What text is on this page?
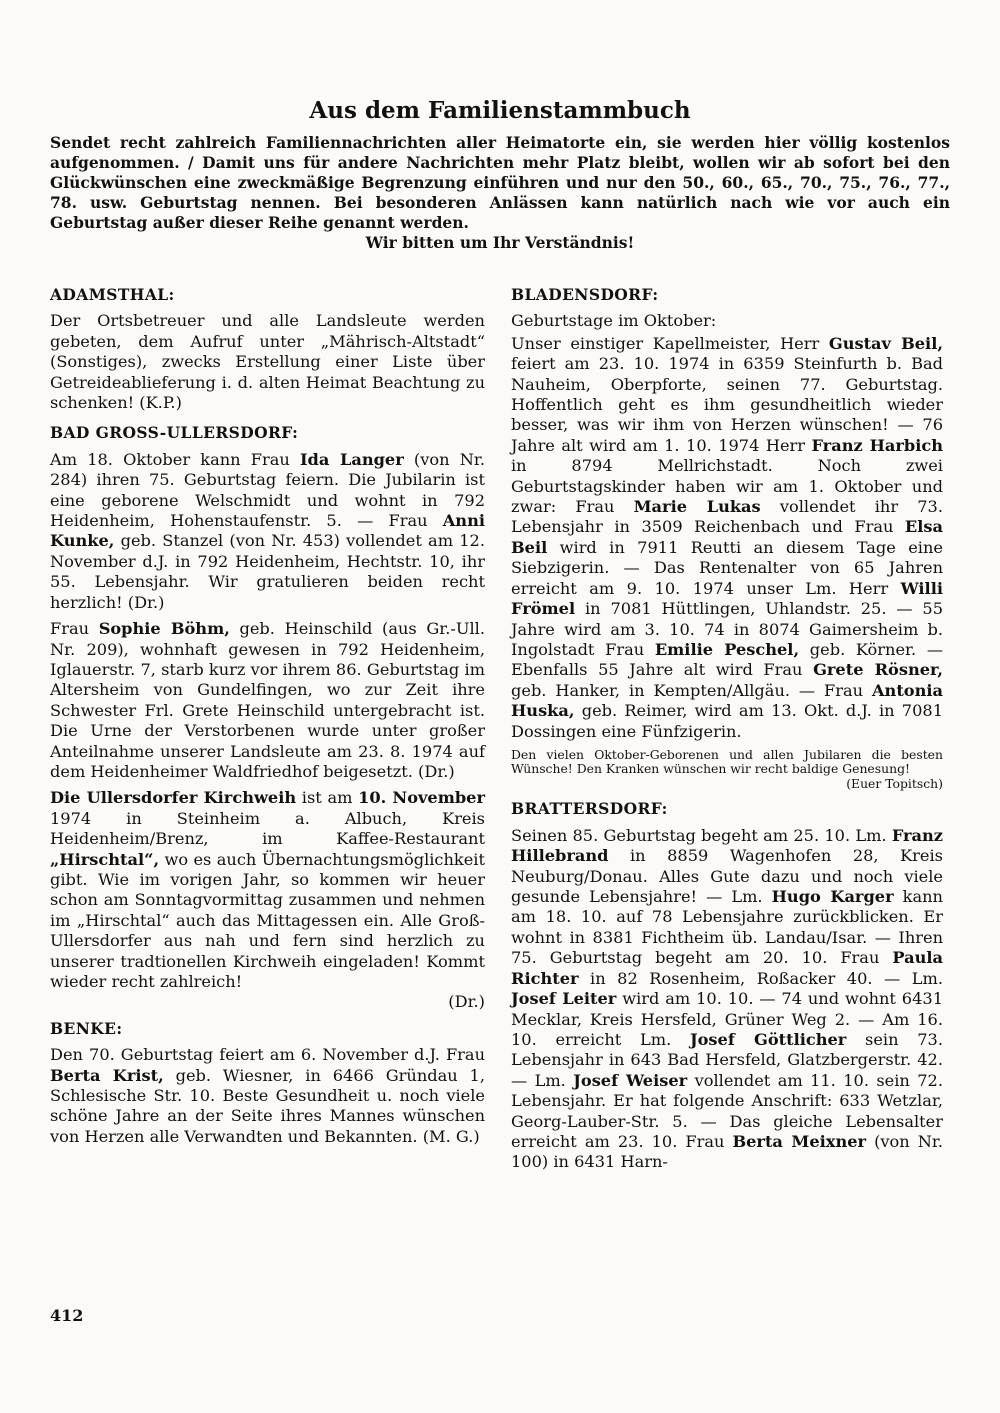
Aus dem Familienstammbuch
Sendet recht zahlreich Familiennachrichten aller Heimatorte ein, sie werden hier völlig kostenlos aufgenommen. / Damit uns für andere Nachrichten mehr Platz bleibt, wollen wir ab sofort bei den Glückwünschen eine zweckmäßige Begrenzung einführen und nur den 50., 60., 65., 70., 75., 76., 77., 78. usw. Geburtstag nennen. Bei besonderen Anlässen kann natürlich nach wie vor auch ein Geburtstag außer dieser Reihe genannt werden.
Wir bitten um Ihr Verständnis!
ADAMSTHAL:

Der Ortsbetreuer und alle Landsleute werden gebeten, dem Aufruf unter „Mährisch-Altstadt“ (Sonstiges), zwecks Erstellung einer Liste über Getreideablieferung i. d. alten Heimat Beachtung zu schenken! (K.P.)

BAD GROSS-ULLERSDORF:

Am 18. Oktober kann Frau Ida Langer (von Nr. 284) ihren 75. Geburtstag feiern. Die Jubilarin ist eine geborene Welschmidt und wohnt in 792 Heidenheim, Hohenstaufenstr. 5. — Frau Anni Kunke, geb. Stanzel (von Nr. 453) vollendet am 12. November d.J. in 792 Heidenheim, Hechtstr. 10, ihr 55. Lebensjahr. Wir gratulieren beiden recht herzlich! (Dr.)

Frau Sophie Böhm, geb. Heinschild (aus Gr.-Ull. Nr. 209), wohnhaft gewesen in 792 Heidenheim, Iglauerstr. 7, starb kurz vor ihrem 86. Geburtstag im Altersheim von Gundelfingen, wo zur Zeit ihre Schwester Frl. Grete Heinschild untergebracht ist. Die Urne der Verstorbenen wurde unter großer Anteilnahme unserer Landsleute am 23. 8. 1974 auf dem Heidenheimer Waldfriedhof beigesetzt. (Dr.)

Die Ullersdorfer Kirchweih ist am 10. November 1974 in Steinheim a. Albuch, Kreis Heidenheim/Brenz, im Kaffee-Restaurant „Hirschtal“, wo es auch Übernachtungsmöglichkeit gibt. Wie im vorigen Jahr, so kommen wir heuer schon am Sonntagvormittag zusammen und nehmen im „Hirschtal“ auch das Mittagessen ein. Alle Groß-Ullersdorfer aus nah und fern sind herzlich zu unserer tradtionellen Kirchweih eingeladen! Kommt wieder recht zahlreich!

(Dr.)
BENKE:

Den 70. Geburtstag feiert am 6. November d.J. Frau Berta Krist, geb. Wiesner, in 6466 Gründau 1, Schlesische Str. 10. Beste Gesundheit u. noch viele schöne Jahre an der Seite ihres Mannes wünschen von Herzen alle Verwandten und Bekannten. (M. G.)

BLADENSDORF:

Geburtstage im Oktober:

Unser einstiger Kapellmeister, Herr Gustav Beil, feiert am 23. 10. 1974 in 6359 Steinfurth b. Bad Nauheim, Oberpforte, seinen 77. Geburtstag. Hoffentlich geht es ihm gesundheitlich wieder besser, was wir ihm von Herzen wünschen! — 76 Jahre alt wird am 1. 10. 1974 Herr Franz Harbich in 8794 Mellrichstadt. Noch zwei Geburtstagskinder haben wir am 1. Oktober und zwar: Frau Marie Lukas vollendet ihr 73. Lebensjahr in 3509 Reichenbach und Frau Elsa Beil wird in 7911 Reutti an diesem Tage eine Siebzigerin. — Das Rentenalter von 65 Jahren erreicht am 9. 10. 1974 unser Lm. Herr Willi Frömel in 7081 Hüttlingen, Uhlandstr. 25. — 55 Jahre wird am 3. 10. 74 in 8074 Gaimersheim b. Ingolstadt Frau Emilie Peschel, geb. Körner. — Ebenfalls 55 Jahre alt wird Frau Grete Rösner, geb. Hanker, in Kempten/Allgäu. — Frau Antonia Huska, geb. Reimer, wird am 13. Okt. d.J. in 7081 Dossingen eine Fünfzigerin.

Den vielen Oktober-Geborenen und allen Jubilaren die besten Wünsche! Den Kranken wünschen wir recht baldige Genesung!

(Euer Topitsch)
BRATTERSDORF:

Seinen 85. Geburtstag begeht am 25. 10. Lm. Franz Hillebrand in 8859 Wagenhofen 28, Kreis Neuburg/Donau. Alles Gute dazu und noch viele gesunde Lebensjahre! — Lm. Hugo Karger kann am 18. 10. auf 78 Lebensjahre zurückblicken. Er wohnt in 8381 Fichtheim üb. Landau/Isar. — Ihren 75. Geburtstag begeht am 20. 10. Frau Paula Richter in 82 Rosenheim, Roßacker 40. — Lm. Josef Leiter wird am 10. 10. — 74 und wohnt 6431 Mecklar, Kreis Hersfeld, Grüner Weg 2. — Am 16. 10. erreicht Lm. Josef Göttlicher sein 73. Lebensjahr in 643 Bad Hersfeld, Glatzbergerstr. 42. — Lm. Josef Weiser vollendet am 11. 10. sein 72. Lebensjahr. Er hat folgende Anschrift: 633 Wetzlar, Georg-Lauber-Str. 5. — Das gleiche Lebensalter erreicht am 23. 10. Frau Berta Meixner (von Nr. 100) in 6431 Harn-

412
